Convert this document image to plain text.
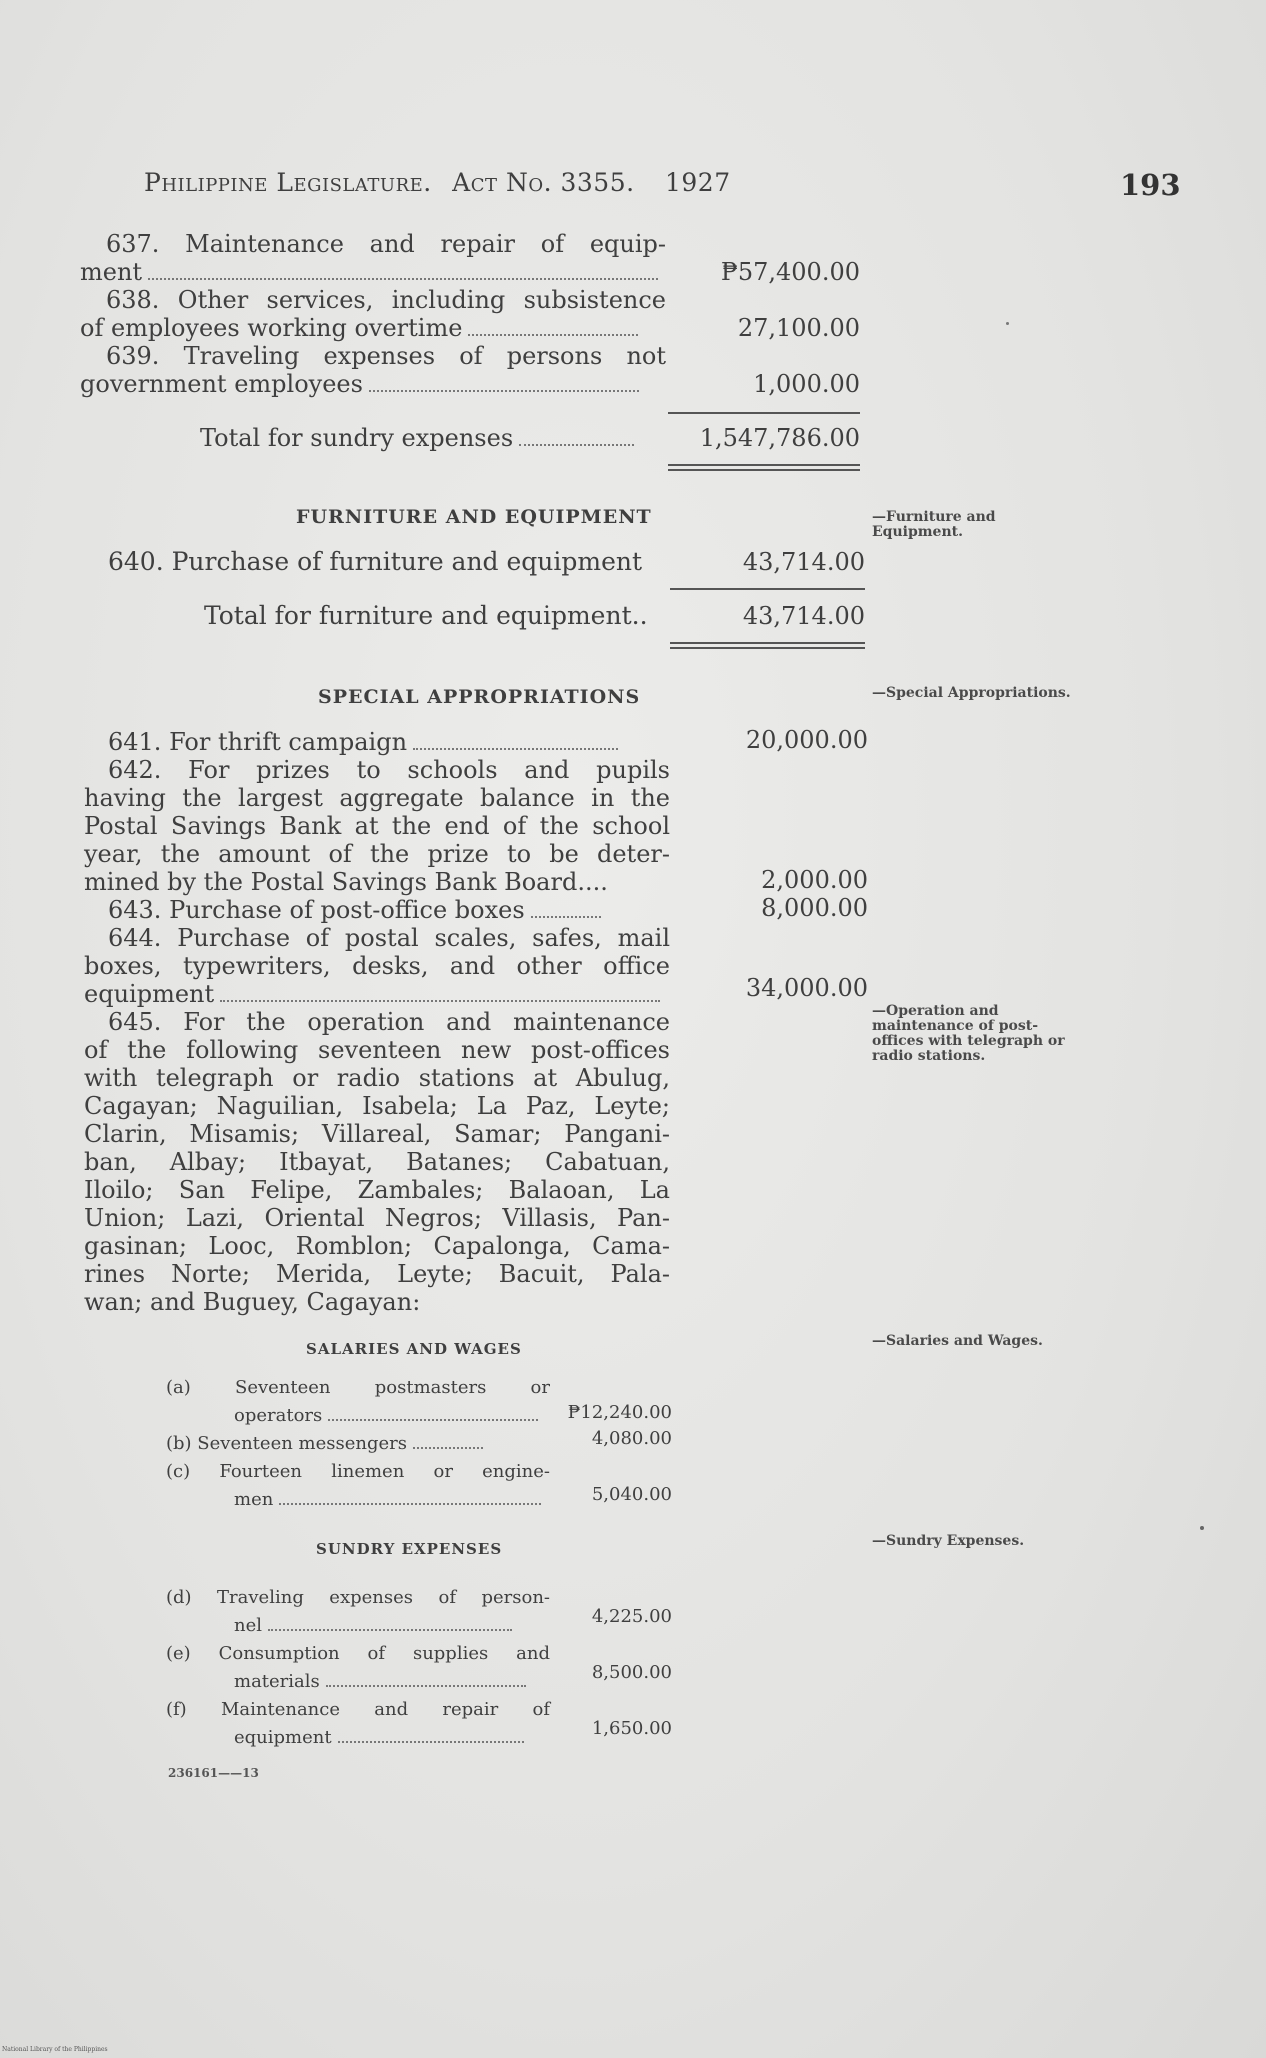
Philippine Legislature. Act No. 3355. 1927	193
637. Maintenance and repair of equip-
ment	₱57,400.00
638. Other services, including subsistence
of employees working overtime	27,100.00
639. Traveling expenses of persons not
government employees	1,000.00
Total for sundry expenses	1,547,786.00
FURNITURE AND EQUIPMENT	—Furniture and Equipment.
640. Purchase of furniture and equipment	43,714.00
Total for furniture and equipment..	43,714.00
SPECIAL APPROPRIATIONS	—Special Appropriations.
641. For thrift campaign	20,000.00
642. For prizes to schools and pupils
having the largest aggregate balance in the
Postal Savings Bank at the end of the school
year, the amount of the prize to be deter-
mined by the Postal Savings Bank Board....	2,000.00
643. Purchase of post-office boxes	8,000.00
644. Purchase of postal scales, safes, mail
boxes, typewriters, desks, and other office
equipment	34,000.00
645. For the operation and maintenance
of the following seventeen new post-offices
with telegraph or radio stations at Abulug,
Cagayan; Naguilian, Isabela; La Paz, Leyte;
Clarin, Misamis; Villareal, Samar; Pangani-
ban, Albay; Itbayat, Batanes; Cabatuan,
Iloilo; San Felipe, Zambales; Balaoan, La
Union; Lazi, Oriental Negros; Villasis, Pan-
gasinan; Looc, Romblon; Capalonga, Cama-
rines Norte; Merida, Leyte; Bacuit, Pala-
wan; and Buguey, Cagayan:
—Operation and maintenance of post-offices with telegraph or radio stations.
SALARIES AND WAGES	—Salaries and Wages.
(a) Seventeen postmasters or
operators	₱12,240.00
(b) Seventeen messengers	4,080.00
(c) Fourteen linemen or engine-
men	5,040.00
SUNDRY EXPENSES	—Sundry Expenses.
(d) Traveling expenses of person-
nel	4,225.00
(e) Consumption of supplies and
materials	8,500.00
(f) Maintenance and repair of
equipment	1,650.00
236161——13
National Library of the Philippines
